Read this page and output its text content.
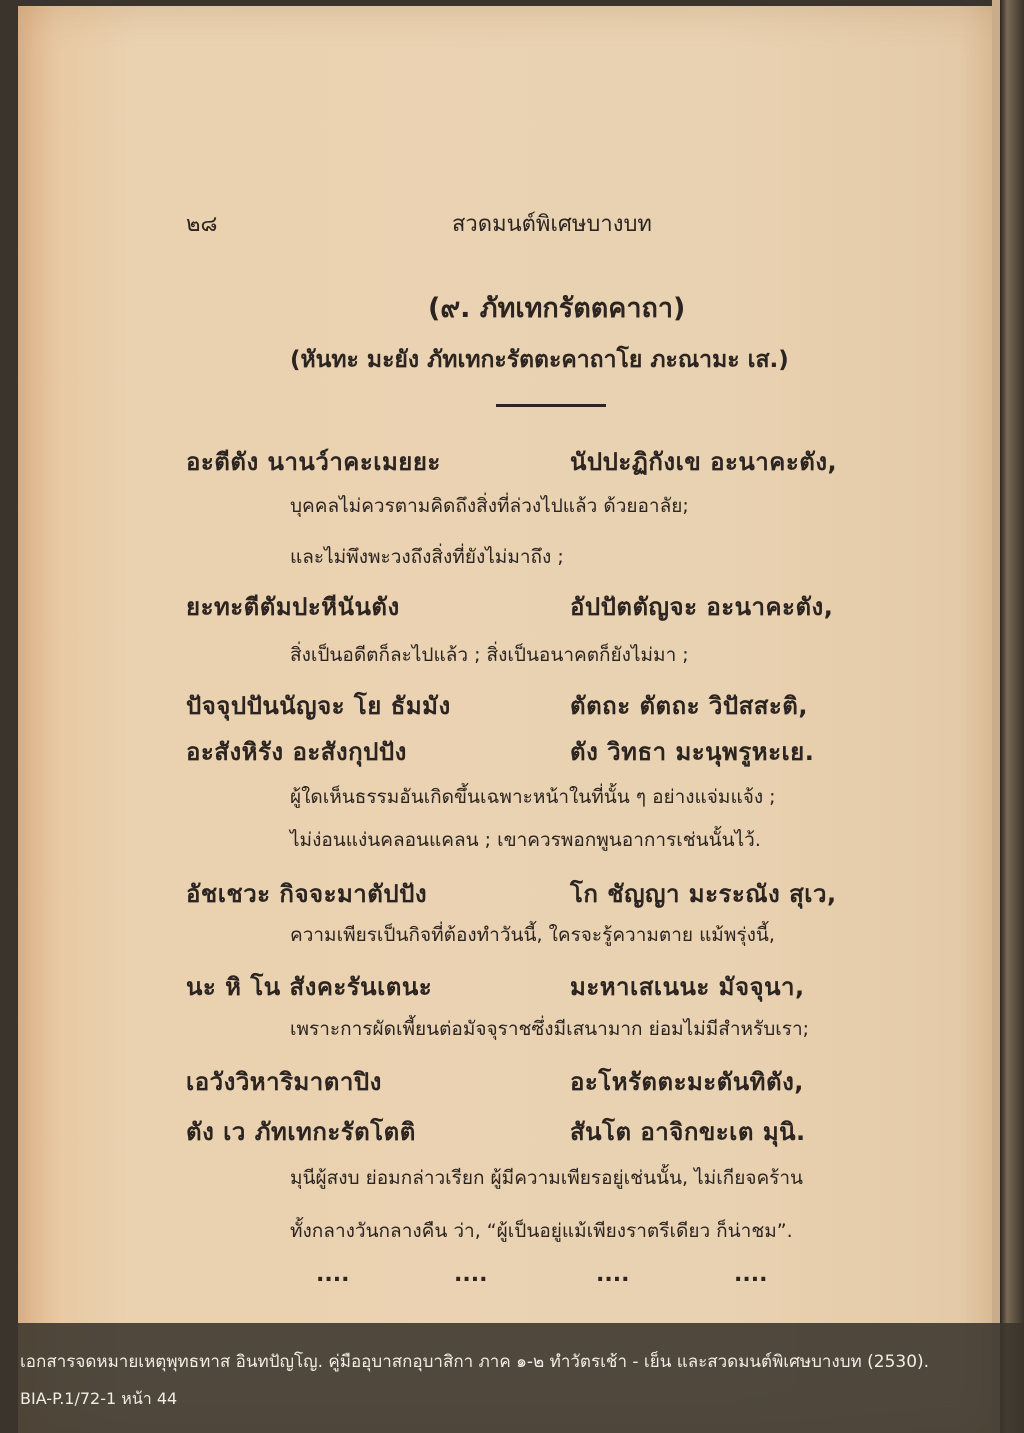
๒๘	สวดมนต์พิเศษบางบท
(๙. ภัทเทกรัตตคาถา)
(หันทะ มะยัง ภัทเทกะรัตตะคาถาโย ภะณามะ เส.)
อะตีตัง นานว์าคะเมยยะ	นัปปะฏิกังเข อะนาคะตัง,
บุคคลไม่ควรตามคิดถึงสิ่งที่ล่วงไปแล้ว ด้วยอาลัย;
และไม่พึงพะวงถึงสิ่งที่ยังไม่มาถึง ;
ยะทะตีตัมปะหีนันตัง	อัปปัตตัญจะ อะนาคะตัง,
สิ่งเป็นอดีตก็ละไปแล้ว ; สิ่งเป็นอนาคตก็ยังไม่มา ;
ปัจจุปปันนัญจะ โย ธัมมัง	ตัตถะ ตัตถะ วิปัสสะติ,
อะสังหิรัง อะสังกุปปัง	ตัง วิทธา มะนุพรูหะเย.
ผู้ใดเห็นธรรมอันเกิดขึ้นเฉพาะหน้าในที่นั้น ๆ อย่างแจ่มแจ้ง ;
ไม่ง่อนแง่นคลอนแคลน ; เขาควรพอกพูนอาการเช่นนั้นไว้.
อัชเชวะ กิจจะมาตัปปัง	โก ชัญญา มะระณัง สุเว,
ความเพียรเป็นกิจที่ต้องทำวันนี้, ใครจะรู้ความตาย แม้พรุ่งนี้,
นะ หิ โน สังคะรันเตนะ	มะหาเสเนนะ มัจจุนา,
เพราะการผัดเพี้ยนต่อมัจจุราชซึ่งมีเสนามาก ย่อมไม่มีสำหรับเรา;
เอวังวิหาริมาตาปิง	อะโหรัตตะมะตันทิตัง,
ตัง เว ภัทเทกะรัตโตติ	สันโต อาจิกขะเต มุนิ.
มุนีผู้สงบ ย่อมกล่าวเรียก ผู้มีความเพียรอยู่เช่นนั้น, ไม่เกียจคร้าน
ทั้งกลางวันกลางคืน ว่า, “ผู้เป็นอยู่แม้เพียงราตรีเดียว ก็น่าชม”.
....	....	....	....
เอกสารจดหมายเหตุพุทธทาส อินทปัญโญ. คู่มืออุบาสกอุบาสิกา ภาค ๑-๒ ทำวัตรเช้า - เย็น และสวดมนต์พิเศษบางบท (2530).
BIA-P.1/72-1 หน้า 44
